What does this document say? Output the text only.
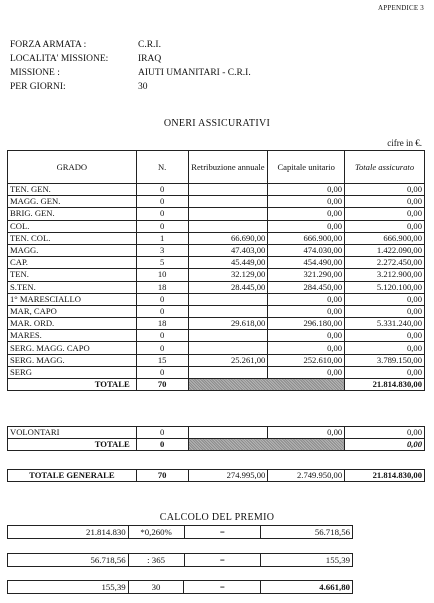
APPENDICE 3
FORZA ARMATA :	C.R.I.
LOCALITA' MISSIONE:	IRAQ
MISSIONE :	AIUTI UMANITARI - C.R.I.
PER GIORNI:	30
ONERI ASSICURATIVI
cifre in €.
GRADO	N.	Retribuzione annuale	Capitale unitario	Totale assicurato
TEN. GEN.	0		0,00	0,00
MAGG. GEN.	0		0,00	0,00
BRIG. GEN.	0		0,00	0,00
COL.	0		0,00	0,00
TEN. COL.	1	66.690,00	666.900,00	666.900,00
MAGG.	3	47.403,00	474.030,00	1.422.090,00
CAP.	5	45.449,00	454.490,00	2.272.450,00
TEN.	10	32.129,00	321.290,00	3.212.900,00
S.TEN.	18	28.445,00	284.450,00	5.120.100,00
1° MARESCIALLO	0		0,00	0,00
MAR, CAPO	0		0,00	0,00
MAR. ORD.	18	29.618,00	296.180,00	5.331.240,00
MARES.	0		0,00	0,00
SERG. MAGG. CAPO	0		0,00	0,00
SERG. MAGG.	15	25.261,00	252.610,00	3.789.150,00
SERG	0		0,00	0,00
TOTALE	70			21.814.830,00
VOLONTARI	0		0,00	0,00
TOTALE	0			0,00
TOTALE GENERALE	70	274.995,00	2.749.950,00	21.814.830,00
CALCOLO DEL PREMIO
21.814.830	*0,260%	=	56.718,56
56.718,56	: 365	=	155,39
155,39	30	=	4.661,80
